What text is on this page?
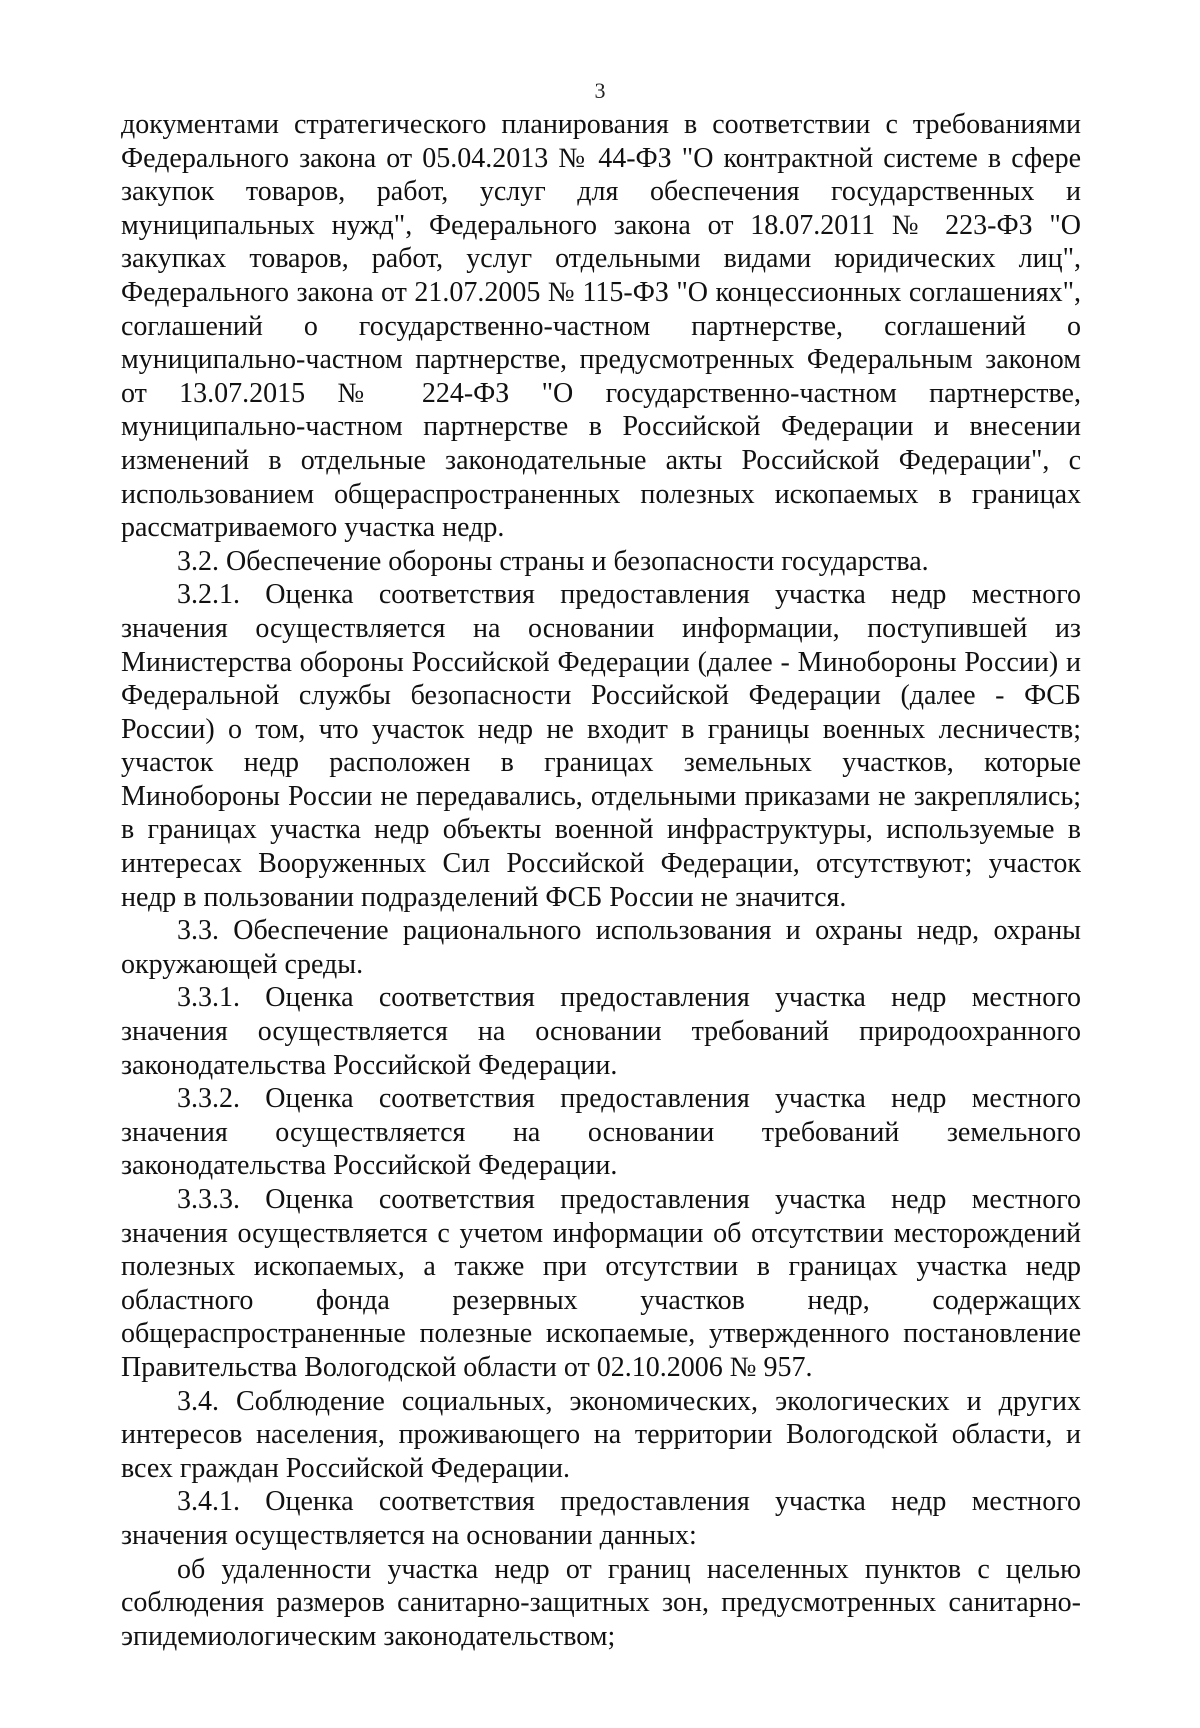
3

документами стратегического планирования в соответствии с требованиями Федерального закона от 05.04.2013 № 44-ФЗ "О контрактной системе в сфере закупок товаров, работ, услуг для обеспечения государственных и муниципальных нужд", Федерального закона от 18.07.2011 № 223-ФЗ "О закупках товаров, работ, услуг отдельными видами юридических лиц", Федерального закона от 21.07.2005 № 115-ФЗ "О концессионных соглашениях", соглашений о государственно-частном партнерстве, соглашений о муниципально-частном партнерстве, предусмотренных Федеральным законом от 13.07.2015 № 224-ФЗ "О государственно-частном партнерстве, муниципально-частном партнерстве в Российской Федерации и внесении изменений в отдельные законодательные акты Российской Федерации", с использованием общераспространенных полезных ископаемых в границах рассматриваемого участка недр.

3.2. Обеспечение обороны страны и безопасности государства.

3.2.1. Оценка соответствия предоставления участка недр местного значения осуществляется на основании информации, поступившей из Министерства обороны Российской Федерации (далее - Минобороны России) и Федеральной службы безопасности Российской Федерации (далее - ФСБ России) о том, что участок недр не входит в границы военных лесничеств; участок недр расположен в границах земельных участков, которые Минобороны России не передавались, отдельными приказами не закреплялись; в границах участка недр объекты военной инфраструктуры, используемые в интересах Вооруженных Сил Российской Федерации, отсутствуют; участок недр в пользовании подразделений ФСБ России не значится.

3.3. Обеспечение рационального использования и охраны недр, охраны окружающей среды.

3.3.1. Оценка соответствия предоставления участка недр местного значения осуществляется на основании требований природоохранного законодательства Российской Федерации.

3.3.2. Оценка соответствия предоставления участка недр местного значения осуществляется на основании требований земельного законодательства Российской Федерации.

3.3.3. Оценка соответствия предоставления участка недр местного значения осуществляется с учетом информации об отсутствии месторождений полезных ископаемых, а также при отсутствии в границах участка недр областного фонда резервных участков недр, содержащих общераспространенные полезные ископаемые, утвержденного постановление Правительства Вологодской области от 02.10.2006 № 957.

3.4. Соблюдение социальных, экономических, экологических и других интересов населения, проживающего на территории Вологодской области, и всех граждан Российской Федерации.

3.4.1. Оценка соответствия предоставления участка недр местного значения осуществляется на основании данных:

об удаленности участка недр от границ населенных пунктов с целью соблюдения размеров санитарно-защитных зон, предусмотренных санитарно-эпидемиологическим законодательством;
